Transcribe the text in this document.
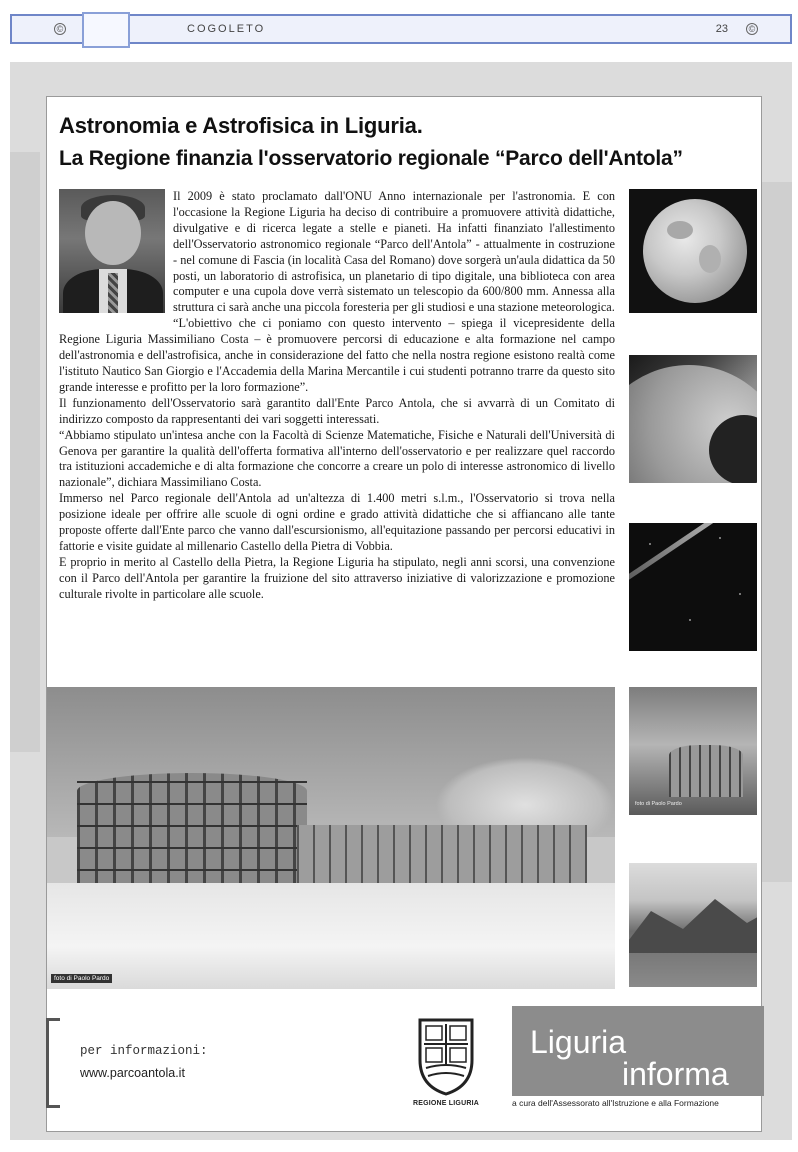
©	COGOLETO	23 ©
Astronomia e Astrofisica in Liguria.
La Regione finanzia l'osservatorio regionale “Parco dell'Antola”

Il 2009 è stato proclamato dall'ONU Anno internazionale per l'astronomia. E con l'occasione la Regione Liguria ha deciso di contribuire a promuovere attività didattiche, divulgative e di ricerca legate a stelle e pianeti. Ha infatti finanziato l'allestimento dell'Osservatorio astronomico regionale “Parco dell'Antola” - attualmente in costruzione - nel comune di Fascia (in località Casa del Romano) dove sorgerà un'aula didattica da 50 posti, un laboratorio di astrofisica, un planetario di tipo digitale, una biblioteca con area computer e una cupola dove verrà sistemato un telescopio da 600/800 mm. Annessa alla struttura ci sarà anche una piccola foresteria per gli studiosi e una stazione meteorologica.

“L'obiettivo che ci poniamo con questo intervento – spiega il vicepresidente della Regione Liguria Massimiliano Costa – è promuovere percorsi di educazione e alta formazione nel campo dell'astronomia e dell'astrofisica, anche in considerazione del fatto che nella nostra regione esistono realtà come l'istituto Nautico San Giorgio e l'Accademia della Marina Mercantile i cui studenti potranno trarre da questo sito grande interesse e profitto per la loro formazione”.

Il funzionamento dell'Osservatorio sarà garantito dall'Ente Parco Antola, che si avvarrà di un Comitato di indirizzo composto da rappresentanti dei vari soggetti interessati.

“Abbiamo stipulato un'intesa anche con la Facoltà di Scienze Matematiche, Fisiche e Naturali dell'Università di Genova per garantire la qualità dell'offerta formativa all'interno dell'osservatorio e per realizzare quel raccordo tra istituzioni accademiche e di alta formazione che concorre a creare un polo di interesse astronomico di livello nazionale”, dichiara Massimiliano Costa.

Immerso nel Parco regionale dell'Antola ad un'altezza di 1.400 metri s.l.m., l'Osservatorio si trova nella posizione ideale per offrire alle scuole di ogni ordine e grado attività didattiche che si affiancano alle tante proposte offerte dall'Ente parco che vanno dall'escursionismo, all'equitazione passando per percorsi educativi in fattorie e visite guidate al millenario Castello della Pietra di Vobbia.

E proprio in merito al Castello della Pietra, la Regione Liguria ha stipulato, negli anni scorsi, una convenzione con il Parco dell'Antola per garantire la fruizione del sito attraverso iniziative di valorizzazione e promozione culturale rivolte in particolare alle scuole.

foto di Paolo Pardo
foto di Paolo Pardo
per informazioni:
www.parcoantola.it
REGIONE LIGURIA
Liguria
informa
a cura dell'Assessorato all'Istruzione e alla Formazione
